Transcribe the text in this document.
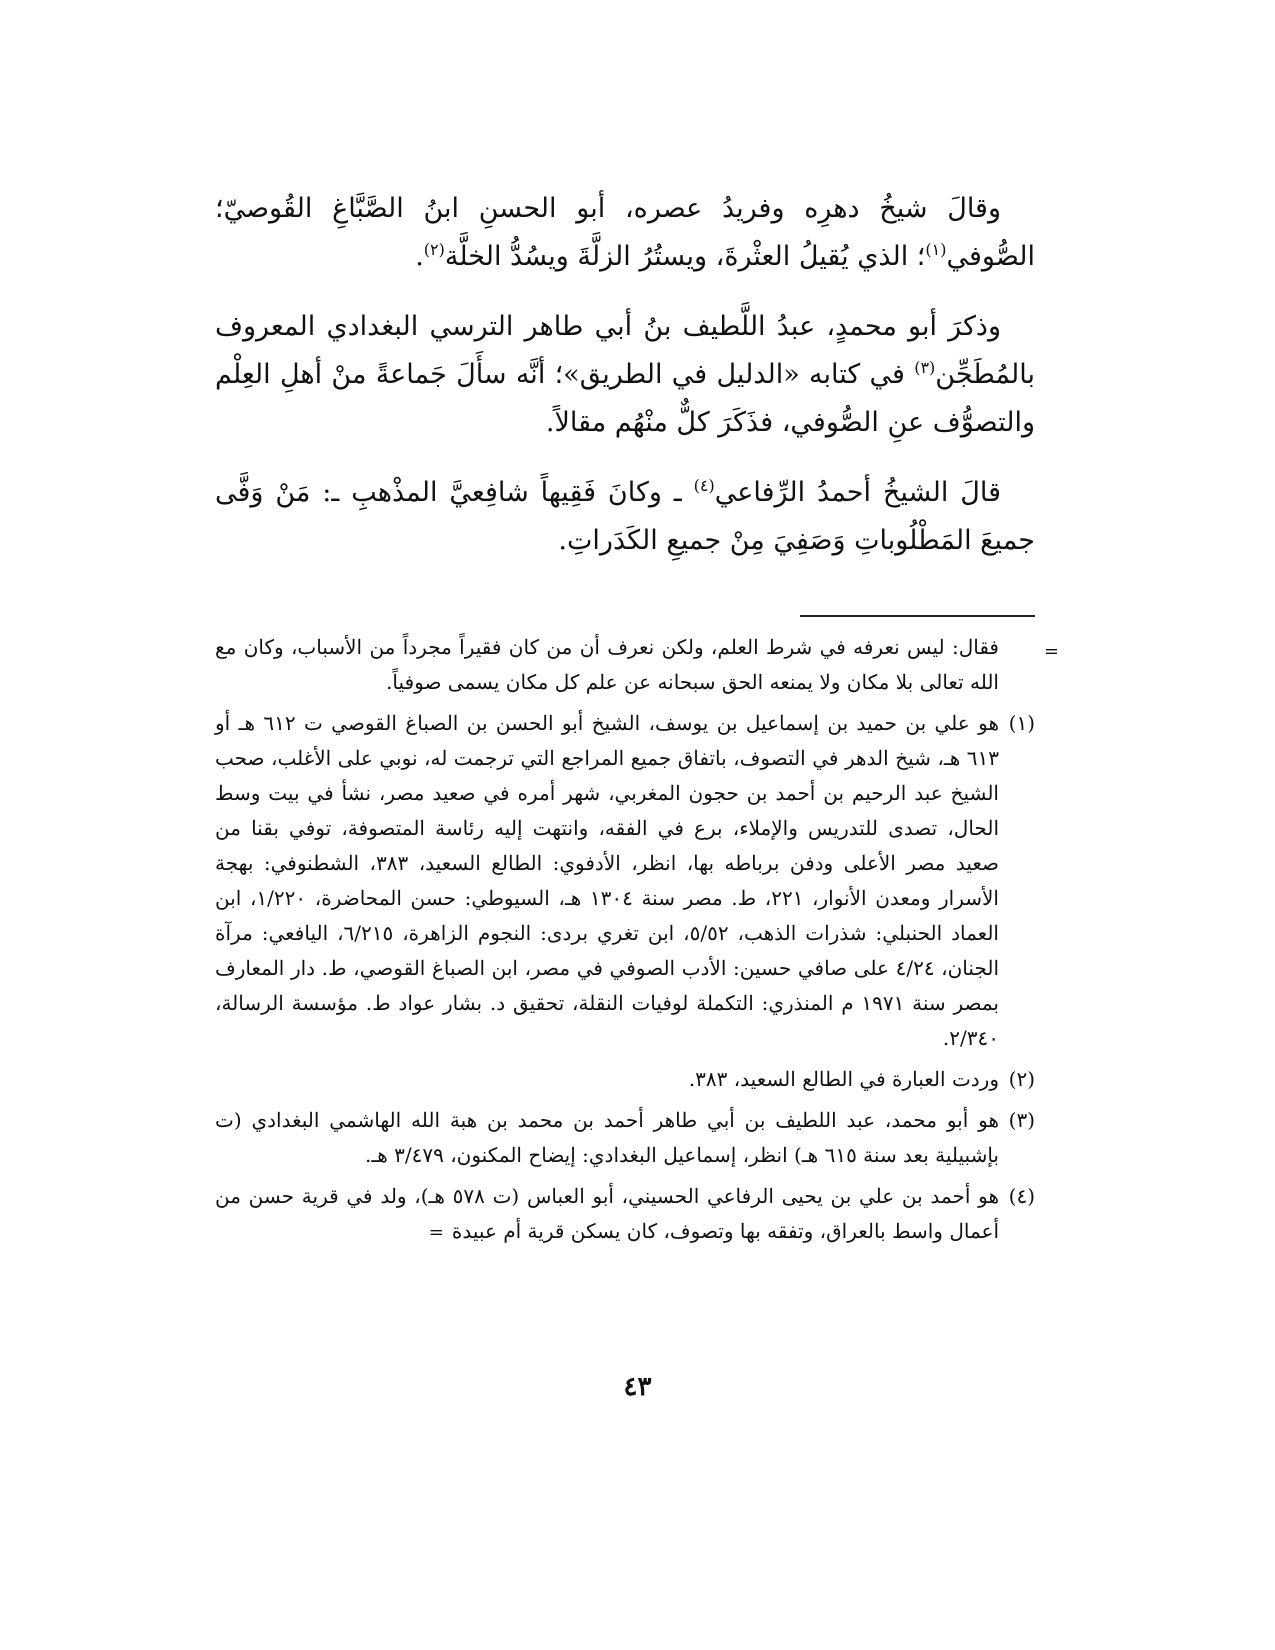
وقالَ شيخُ دهرِه وفريدُ عصره، أبو الحسنِ ابنُ الصَّبَّاغِ القُوصيّ؛ الصُّوفي$^{(١)}$؛ الذي يُقيلُ العثْرةَ، ويستُرُ الزلَّةَ ويسُدُّ الخلَّة$^{(٢)}$.

وذكرَ أبو محمدٍ، عبدُ اللَّطيف بنُ أبي طاهر الترسي البغدادي المعروف بالمُطَجِّن$^{(٣)}$ في كتابه «الدليل في الطريق»؛ أنَّه سأَلَ جَماعةً منْ أهلِ العِلْم والتصوُّف عنِ الصُّوفي، فذَكَرَ كلٌّ منْهُم مقالاً.

قالَ الشيخُ أحمدُ الرِّفاعي$^{(٤)}$ ـ وكانَ فَقِيهاً شافِعيَّ المذْهبِ ـ: مَنْ وَفَّى جميعَ المَطْلُوباتِ وَصَفِيَ مِنْ جميعِ الكَدَراتِ.

=
فقال: ليس نعرفه في شرط العلم، ولكن نعرف أن من كان فقيراً مجرداً من الأسباب، وكان مع الله تعالى بلا مكان ولا يمنعه الحق سبحانه عن علم كل مكان يسمى صوفياً.
(١)
هو علي بن حميد بن إسماعيل بن يوسف، الشيخ أبو الحسن بن الصباغ القوصي ت ٦١٢ هـ أو ٦١٣ هـ، شيخ الدهر في التصوف، باتفاق جميع المراجع التي ترجمت له، نوبي على الأغلب، صحب الشيخ عبد الرحيم بن أحمد بن حجون المغربي، شهر أمره في صعيد مصر، نشأ في بيت وسط الحال، تصدى للتدريس والإملاء، برع في الفقه، وانتهت إليه رئاسة المتصوفة، توفي بقنا من صعيد مصر الأعلى ودفن برباطه بها، انظر، الأدفوي: الطالع السعيد، ٣٨٣، الشطنوفي: بهجة الأسرار ومعدن الأنوار، ٢٢١، ط. مصر سنة ١٣٠٤ هـ، السيوطي: حسن المحاضرة، ١/٢٢٠، ابن العماد الحنبلي: شذرات الذهب، ٥/٥٢، ابن تغري بردى: النجوم الزاهرة، ٦/٢١٥، اليافعي: مرآة الجنان، ٤/٢٤ على صافي حسين: الأدب الصوفي في مصر، ابن الصباغ القوصي، ط. دار المعارف بمصر سنة ١٩٧١ م المنذري: التكملة لوفيات النقلة، تحقيق د. بشار عواد ط. مؤسسة الرسالة، ٢/٣٤٠.
(٢)
وردت العبارة في الطالع السعيد، ٣٨٣.
(٣)
هو أبو محمد، عبد اللطيف بن أبي طاهر أحمد بن محمد بن هبة الله الهاشمي البغدادي (ت بإشبيلية بعد سنة ٦١٥ هـ) انظر، إسماعيل البغدادي: إيضاح المكنون، ٣/٤٧٩ هـ.
(٤)
هو أحمد بن علي بن يحيى الرفاعي الحسيني، أبو العباس (ت ٥٧٨ هـ)، ولد في قرية حسن من أعمال واسط بالعراق، وتفقه بها وتصوف، كان يسكن قرية أم عبيدة=
٤٣
